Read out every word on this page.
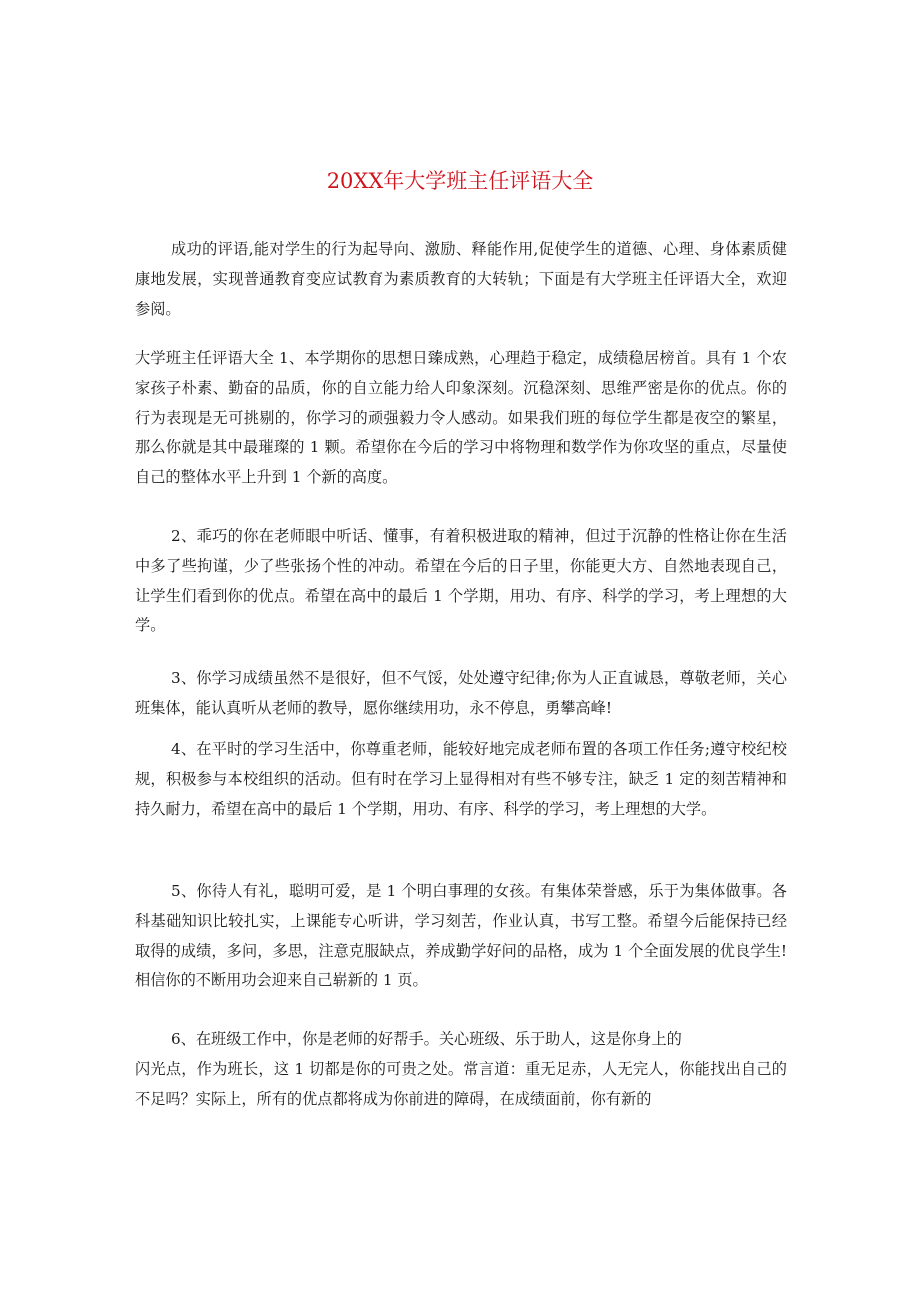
20XX年大学班主任评语大全

成功的评语,能对学生的行为起导向、激励、释能作用,促使学生的道德、心理、身体素质健康地发展，实现普通教育变应试教育为素质教育的大转轨；下面是有大学班主任评语大全，欢迎参阅。

大学班主任评语大全 1、本学期你的思想日臻成熟，心理趋于稳定，成绩稳居榜首。具有 1 个农家孩子朴素、勤奋的品质，你的自立能力给人印象深刻。沉稳深刻、思维严密是你的优点。你的行为表现是无可挑剔的，你学习的顽强毅力令人感动。如果我们班的每位学生都是夜空的繁星，那么你就是其中最璀璨的 1 颗。希望你在今后的学习中将物理和数学作为你攻坚的重点，尽量使自己的整体水平上升到 1 个新的高度。

2、乖巧的你在老师眼中听话、懂事，有着积极进取的精神，但过于沉静的性格让你在生活中多了些拘谨，少了些张扬个性的冲动。希望在今后的日子里，你能更大方、自然地表现自己，让学生们看到你的优点。希望在高中的最后 1 个学期，用功、有序、科学的学习，考上理想的大学。

3、你学习成绩虽然不是很好，但不气馁，处处遵守纪律;你为人正直诚恳，尊敬老师，关心班集体，能认真听从老师的教导，愿你继续用功，永不停息，勇攀高峰!

4、在平时的学习生活中，你尊重老师，能较好地完成老师布置的各项工作任务;遵守校纪校规，积极参与本校组织的活动。但有时在学习上显得相对有些不够专注，缺乏 1 定的刻苦精神和持久耐力，希望在高中的最后 1 个学期，用功、有序、科学的学习，考上理想的大学。

5、你待人有礼，聪明可爱，是 1 个明白事理的女孩。有集体荣誉感，乐于为集体做事。各科基础知识比较扎实，上课能专心听讲，学习刻苦，作业认真，书写工整。希望今后能保持已经取得的成绩，多问，多思，注意克服缺点，养成勤学好问的品格，成为 1 个全面发展的优良学生!相信你的不断用功会迎来自己崭新的 1 页。

6、在班级工作中，你是老师的好帮手。关心班级、乐于助人，这是你身上的
闪光点，作为班长，这 1 切都是你的可贵之处。常言道：重无足赤，人无完人，你能找出自己的不足吗？实际上，所有的优点都将成为你前进的障碍，在成绩面前，你有新的
